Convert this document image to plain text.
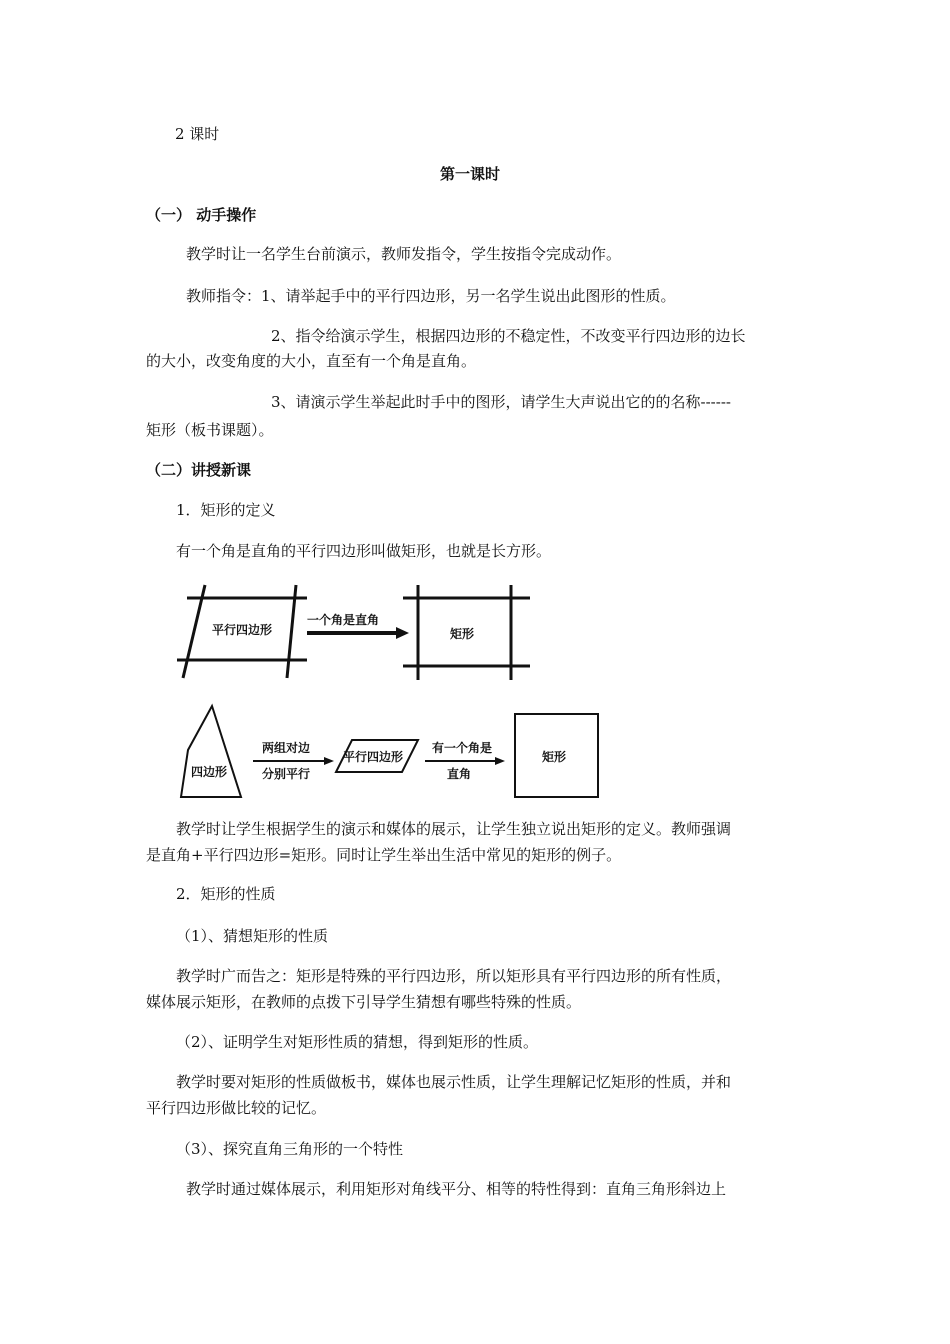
2 课时
第一课时
（一） 动手操作
教学时让一名学生台前演示，教师发指令，学生按指令完成动作。
教师指令：1、请举起手中的平行四边形，另一名学生说出此图形的性质。
2、指令给演示学生，根据四边形的不稳定性，不改变平行四边形的边长
的大小，改变角度的大小，直至有一个角是直角。
3、请演示学生举起此时手中的图形，请学生大声说出它的的名称------
矩形（板书课题）。
（二）讲授新课
1．矩形的定义
有一个角是直角的平行四边形叫做矩形，也就是长方形。
平行四边形
一个角是直角
矩形
四边形
两组对边
分别平行
平行四边形
有一个角是
直角
矩形
教学时让学生根据学生的演示和媒体的展示，让学生独立说出矩形的定义。教师强调
是直角+平行四边形=矩形。同时让学生举出生活中常见的矩形的例子。
2．矩形的性质
（1）、猜想矩形的性质
教学时广而告之：矩形是特殊的平行四边形，所以矩形具有平行四边形的所有性质，
媒体展示矩形，在教师的点拨下引导学生猜想有哪些特殊的性质。
（2）、证明学生对矩形性质的猜想，得到矩形的性质。
教学时要对矩形的性质做板书，媒体也展示性质，让学生理解记忆矩形的性质，并和
平行四边形做比较的记忆。
（3）、探究直角三角形的一个特性
教学时通过媒体展示，利用矩形对角线平分、相等的特性得到：直角三角形斜边上
